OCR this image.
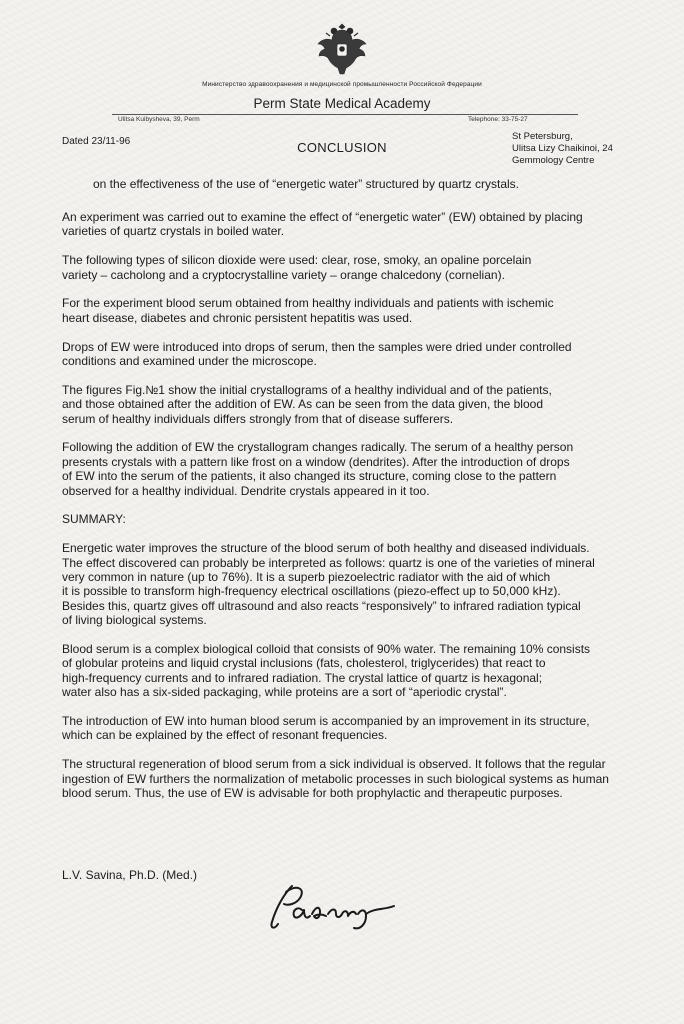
Министерство здравоохранения и медицинской промышленности Российской Федерации
Perm State Medical Academy
Ulitsa Kuibysheva, 39, Perm	Telephone: 33-75-27
Dated 23/11-96	CONCLUSION
St Petersburg,
Ulitsa Lizy Chaikinoi, 24
Gemmology Centre
on the effectiveness of the use of “energetic water” structured by quartz crystals.

An experiment was carried out to examine the effect of “energetic water” (EW) obtained by placing
varieties of quartz crystals in boiled water.

The following types of silicon dioxide were used: clear, rose, smoky, an opaline porcelain
variety – cacholong and a cryptocrystalline variety – orange chalcedony (cornelian).

For the experiment blood serum obtained from healthy individuals and patients with ischemic
heart disease, diabetes and chronic persistent hepatitis was used.

Drops of EW were introduced into drops of serum, then the samples were dried under controlled
conditions and examined under the microscope.

The figures Fig.№1 show the initial crystallograms of a healthy individual and of the patients,
and those obtained after the addition of EW. As can be seen from the data given, the blood
serum of healthy individuals differs strongly from that of disease sufferers.

Following the addition of EW the crystallogram changes radically. The serum of a healthy person
presents crystals with a pattern like frost on a window (dendrites). After the introduction of drops
of EW into the serum of the patients, it also changed its structure, coming close to the pattern
observed for a healthy individual. Dendrite crystals appeared in it too.

SUMMARY:

Energetic water improves the structure of the blood serum of both healthy and diseased individuals.
The effect discovered can probably be interpreted as follows: quartz is one of the varieties of mineral
very common in nature (up to 76%). It is a superb piezoelectric radiator with the aid of which
it is possible to transform high-frequency electrical oscillations (piezo-effect up to 50,000 kHz).
Besides this, quartz gives off ultrasound and also reacts “responsively” to infrared radiation typical
of living biological systems.

Blood serum is a complex biological colloid that consists of 90% water. The remaining 10% consists
of globular proteins and liquid crystal inclusions (fats, cholesterol, triglycerides) that react to
high-frequency currents and to infrared radiation. The crystal lattice of quartz is hexagonal;
water also has a six-sided packaging, while proteins are a sort of “aperiodic crystal”.

The introduction of EW into human blood serum is accompanied by an improvement in its structure,
which can be explained by the effect of resonant frequencies.

The structural regeneration of blood serum from a sick individual is observed. It follows that the regular
ingestion of EW furthers the normalization of metabolic processes in such biological systems as human
blood serum. Thus, the use of EW is advisable for both prophylactic and therapeutic purposes.

L.V. Savina, Ph.D. (Med.)
